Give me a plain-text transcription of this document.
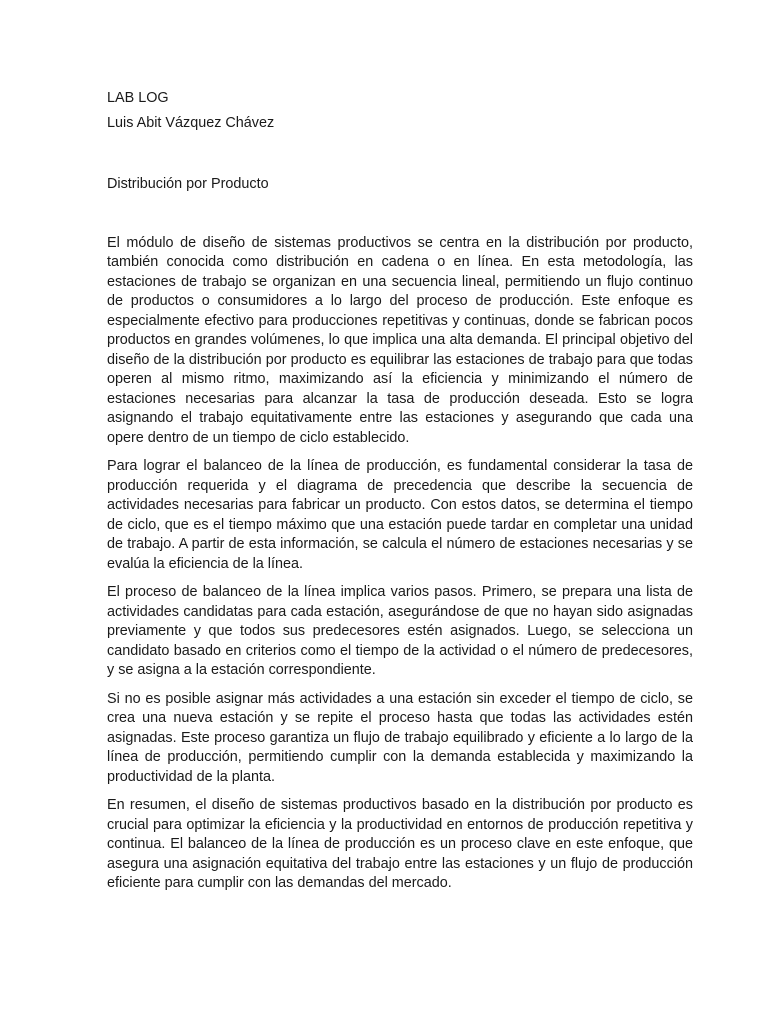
LAB LOG

Luis Abit Vázquez Chávez

Distribución por Producto

El módulo de diseño de sistemas productivos se centra en la distribución por producto, también conocida como distribución en cadena o en línea. En esta metodología, las estaciones de trabajo se organizan en una secuencia lineal, permitiendo un flujo continuo de productos o consumidores a lo largo del proceso de producción. Este enfoque es especialmente efectivo para producciones repetitivas y continuas, donde se fabrican pocos productos en grandes volúmenes, lo que implica una alta demanda. El principal objetivo del diseño de la distribución por producto es equilibrar las estaciones de trabajo para que todas operen al mismo ritmo, maximizando así la eficiencia y minimizando el número de estaciones necesarias para alcanzar la tasa de producción deseada. Esto se logra asignando el trabajo equitativamente entre las estaciones y asegurando que cada una opere dentro de un tiempo de ciclo establecido.

Para lograr el balanceo de la línea de producción, es fundamental considerar la tasa de producción requerida y el diagrama de precedencia que describe la secuencia de actividades necesarias para fabricar un producto. Con estos datos, se determina el tiempo de ciclo, que es el tiempo máximo que una estación puede tardar en completar una unidad de trabajo. A partir de esta información, se calcula el número de estaciones necesarias y se evalúa la eficiencia de la línea.

El proceso de balanceo de la línea implica varios pasos. Primero, se prepara una lista de actividades candidatas para cada estación, asegurándose de que no hayan sido asignadas previamente y que todos sus predecesores estén asignados. Luego, se selecciona un candidato basado en criterios como el tiempo de la actividad o el número de predecesores, y se asigna a la estación correspondiente.

Si no es posible asignar más actividades a una estación sin exceder el tiempo de ciclo, se crea una nueva estación y se repite el proceso hasta que todas las actividades estén asignadas. Este proceso garantiza un flujo de trabajo equilibrado y eficiente a lo largo de la línea de producción, permitiendo cumplir con la demanda establecida y maximizando la productividad de la planta.

En resumen, el diseño de sistemas productivos basado en la distribución por producto es crucial para optimizar la eficiencia y la productividad en entornos de producción repetitiva y continua. El balanceo de la línea de producción es un proceso clave en este enfoque, que asegura una asignación equitativa del trabajo entre las estaciones y un flujo de producción eficiente para cumplir con las demandas del mercado.
